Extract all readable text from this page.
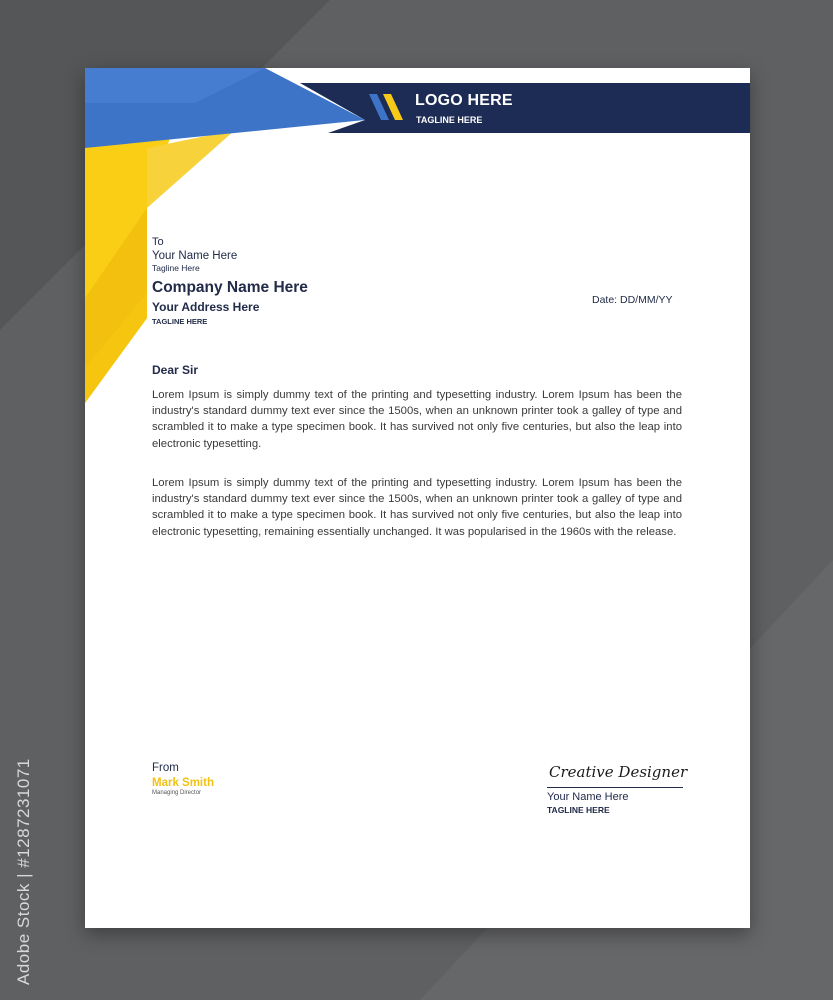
Adobe Stock | #1287231071
LOGO HERE
TAGLINE HERE
To
Your Name Here
Tagline Here
Company Name Here
Your Address Here
TAGLINE HERE
Date: DD/MM/YY
Dear Sir

Lorem Ipsum is simply dummy text of the printing and typesetting industry. Lorem Ipsum has been the industry's standard dummy text ever since the 1500s, when an unknown printer took a galley of type and scrambled it to make a type specimen book. It has survived not only five centuries, but also the leap into electronic typesetting.

Lorem Ipsum is simply dummy text of the printing and typesetting industry. Lorem Ipsum has been the industry's standard dummy text ever since the 1500s, when an unknown printer took a galley of type and scrambled it to make a type specimen book. It has survived not only five centuries, but also the leap into electronic typesetting, remaining essentially unchanged. It was popularised in the 1960s with the release.

From
Mark Smith
Managing Director
Creative Designer
Your Name Here
TAGLINE HERE
